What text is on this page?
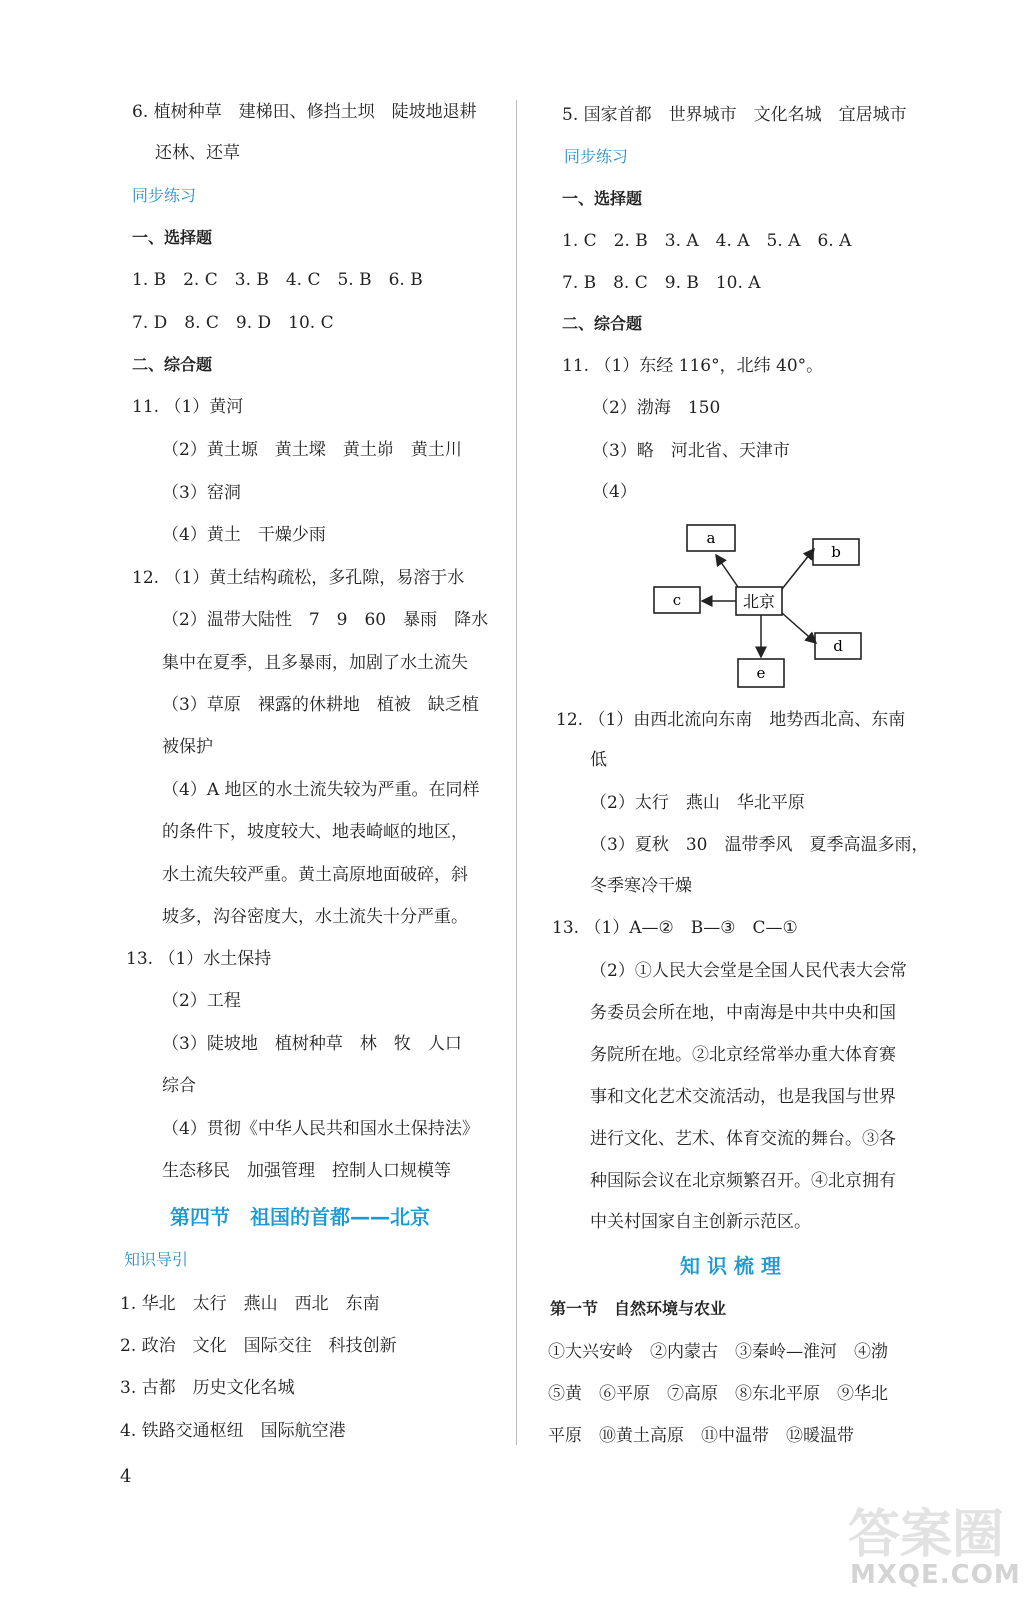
6. 植树种草　建梯田、修挡土坝　陡坡地退耕
还林、还草
同步练习
一、选择题
1. B　2. C　3. B　4. C　5. B　6. B
7. D　8. C　9. D　10. C
二、综合题
11. （1）黄河
（2）黄土塬　黄土墚　黄土峁　黄土川
（3）窑洞
（4）黄土　干燥少雨
12. （1）黄土结构疏松，多孔隙，易溶于水
（2）温带大陆性　7　9　60　暴雨　降水
集中在夏季，且多暴雨，加剧了水土流失
（3）草原　裸露的休耕地　植被　缺乏植
被保护
（4）A 地区的水土流失较为严重。在同样
的条件下，坡度较大、地表崎岖的地区，
水土流失较严重。黄土高原地面破碎，斜
坡多，沟谷密度大，水土流失十分严重。
13. （1）水土保持
（2）工程
（3）陡坡地　植树种草　林　牧　人口
综合
（4）贯彻《中华人民共和国水土保持法》
生态移民　加强管理　控制人口规模等
第四节　祖国的首都——北京
知识导引
1. 华北　太行　燕山　西北　东南
2. 政治　文化　国际交往　科技创新
3. 古都　历史文化名城
4. 铁路交通枢纽　国际航空港
5. 国家首都　世界城市　文化名城　宜居城市
同步练习
一、选择题
1. C　2. B　3. A　4. A　5. A　6. A
7. B　8. C　9. B　10. A
二、综合题
11. （1）东经 116°，北纬 40°。
（2）渤海　150
（3）略　河北省、天津市
（4）
北京
a
b
c
d
e
12. （1）由西北流向东南　地势西北高、东南
低
（2）太行　燕山　华北平原
（3）夏秋　30　温带季风　夏季高温多雨，
冬季寒冷干燥
13. （1）A—②　B—③　C—①
（2）①人民大会堂是全国人民代表大会常
务委员会所在地，中南海是中共中央和国
务院所在地。②北京经常举办重大体育赛
事和文化艺术交流活动，也是我国与世界
进行文化、艺术、体育交流的舞台。③各
种国际会议在北京频繁召开。④北京拥有
中关村国家自主创新示范区。
知 识 梳 理
第一节　自然环境与农业
①大兴安岭　②内蒙古　③秦岭—淮河　④渤
⑤黄　⑥平原　⑦高原　⑧东北平原　⑨华北
平原　⑩黄土高原　⑪中温带　⑫暖温带
4
答案圈
MXQE.COM
